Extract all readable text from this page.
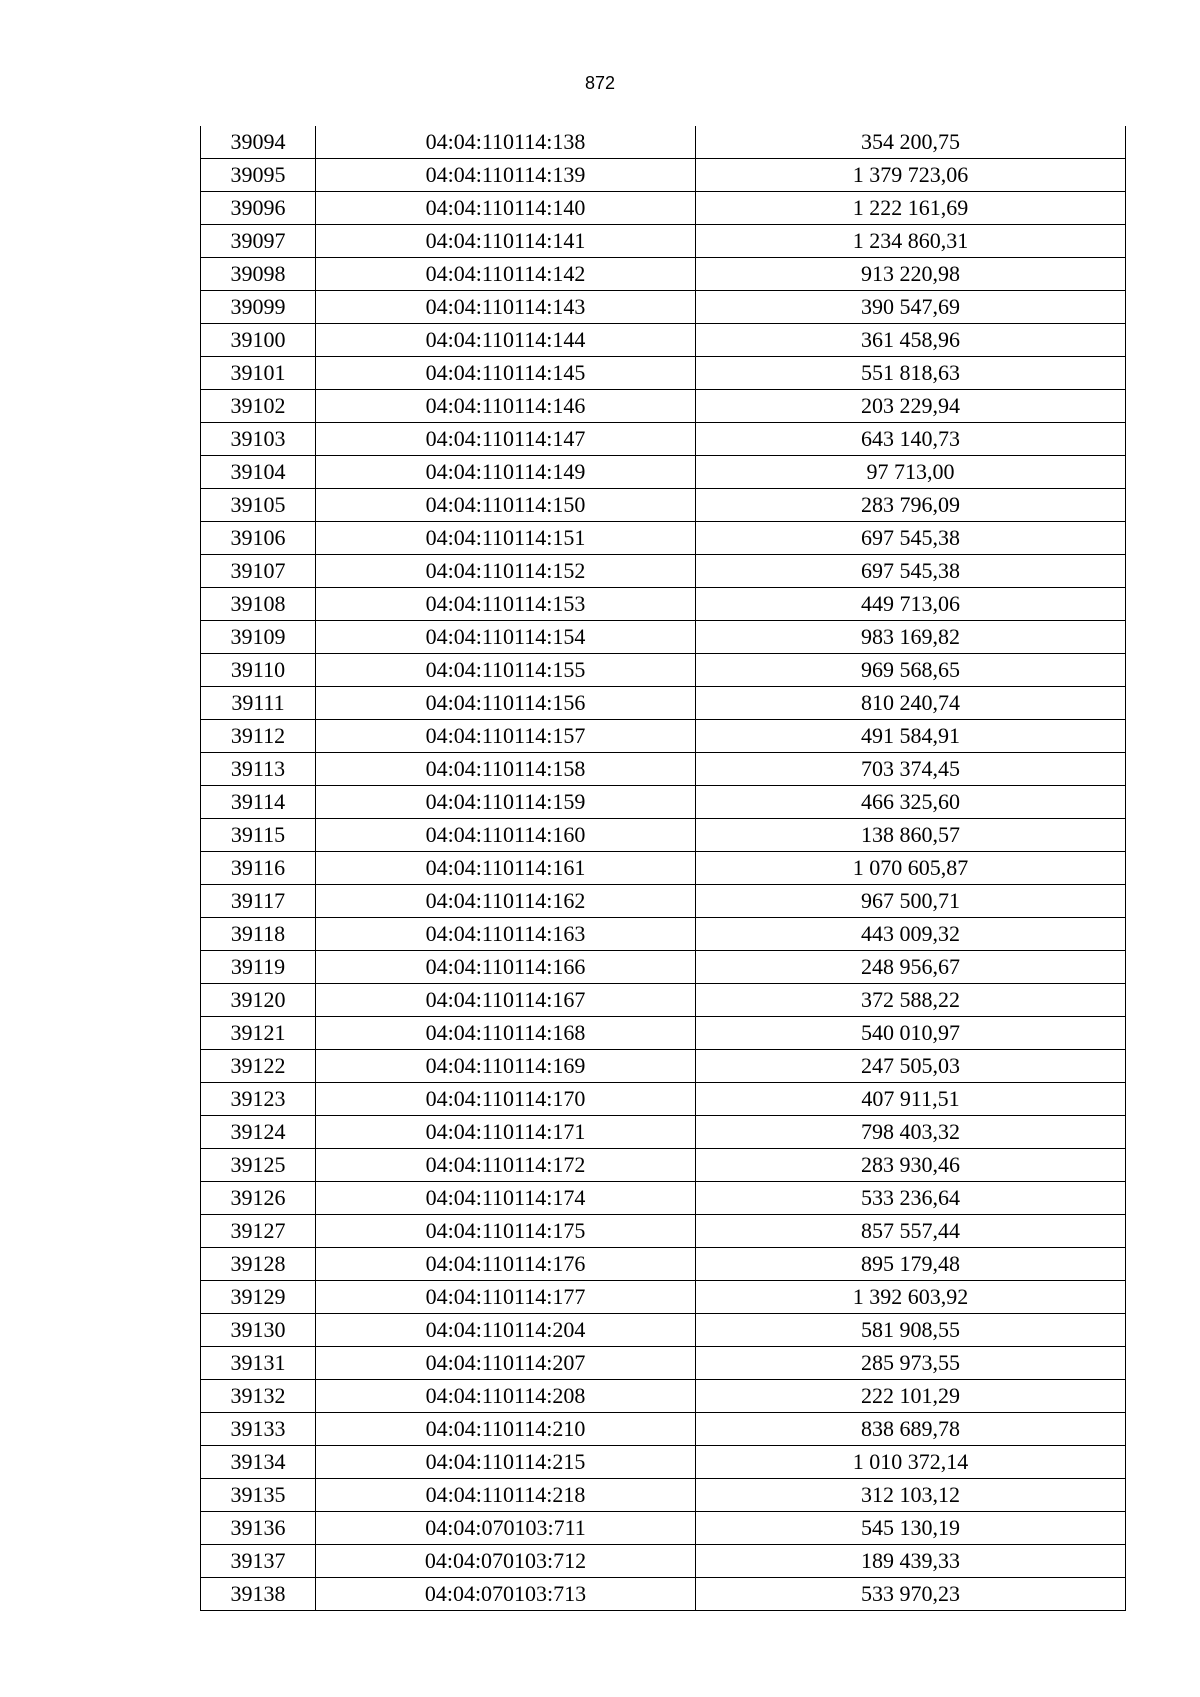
872
39094	04:04:110114:138	354 200,75
39095	04:04:110114:139	1 379 723,06
39096	04:04:110114:140	1 222 161,69
39097	04:04:110114:141	1 234 860,31
39098	04:04:110114:142	913 220,98
39099	04:04:110114:143	390 547,69
39100	04:04:110114:144	361 458,96
39101	04:04:110114:145	551 818,63
39102	04:04:110114:146	203 229,94
39103	04:04:110114:147	643 140,73
39104	04:04:110114:149	97 713,00
39105	04:04:110114:150	283 796,09
39106	04:04:110114:151	697 545,38
39107	04:04:110114:152	697 545,38
39108	04:04:110114:153	449 713,06
39109	04:04:110114:154	983 169,82
39110	04:04:110114:155	969 568,65
39111	04:04:110114:156	810 240,74
39112	04:04:110114:157	491 584,91
39113	04:04:110114:158	703 374,45
39114	04:04:110114:159	466 325,60
39115	04:04:110114:160	138 860,57
39116	04:04:110114:161	1 070 605,87
39117	04:04:110114:162	967 500,71
39118	04:04:110114:163	443 009,32
39119	04:04:110114:166	248 956,67
39120	04:04:110114:167	372 588,22
39121	04:04:110114:168	540 010,97
39122	04:04:110114:169	247 505,03
39123	04:04:110114:170	407 911,51
39124	04:04:110114:171	798 403,32
39125	04:04:110114:172	283 930,46
39126	04:04:110114:174	533 236,64
39127	04:04:110114:175	857 557,44
39128	04:04:110114:176	895 179,48
39129	04:04:110114:177	1 392 603,92
39130	04:04:110114:204	581 908,55
39131	04:04:110114:207	285 973,55
39132	04:04:110114:208	222 101,29
39133	04:04:110114:210	838 689,78
39134	04:04:110114:215	1 010 372,14
39135	04:04:110114:218	312 103,12
39136	04:04:070103:711	545 130,19
39137	04:04:070103:712	189 439,33
39138	04:04:070103:713	533 970,23
